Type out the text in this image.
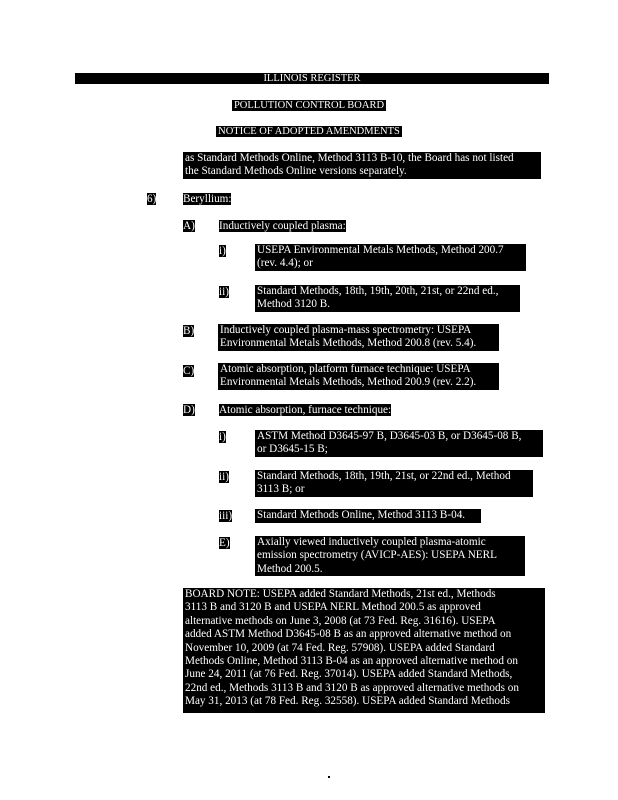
ILLINOIS REGISTER
POLLUTION CONTROL BOARD
NOTICE OF ADOPTED AMENDMENTS
as Standard Methods Online, Method 3113 B-10, the Board has not listed
the Standard Methods Online versions separately.
6) Beryllium:
A) Inductively coupled plasma:
i)	USEPA Environmental Metals Methods, Method 200.7
(rev. 4.4); or
ii)	Standard Methods, 18th, 19th, 20th, 21st, or 22nd ed.,
Method 3120 B.
B) Inductively coupled plasma-mass spectrometry: USEPA
Environmental Metals Methods, Method 200.8 (rev. 5.4).
C) Atomic absorption, platform furnace technique: USEPA
Environmental Metals Methods, Method 200.9 (rev. 2.2).
D) Atomic absorption, furnace technique:
i)	ASTM Method D3645-97 B, D3645-03 B, or D3645-08 B,
or D3645-15 B;
ii)	Standard Methods, 18th, 19th, 21st, or 22nd ed., Method
3113 B; or
iii) Standard Methods Online, Method 3113 B-04.
E) Axially viewed inductively coupled plasma-atomic
emission spectrometry (AVICP-AES): USEPA NERL
Method 200.5.
BOARD NOTE: USEPA added Standard Methods, 21st ed., Methods
3113 B and 3120 B and USEPA NERL Method 200.5 as approved
alternative methods on June 3, 2008 (at 73 Fed. Reg. 31616). USEPA
added ASTM Method D3645-08 B as an approved alternative method on
November 10, 2009 (at 74 Fed. Reg. 57908). USEPA added Standard
Methods Online, Method 3113 B-04 as an approved alternative method on
June 24, 2011 (at 76 Fed. Reg. 37014). USEPA added Standard Methods,
22nd ed., Methods 3113 B and 3120 B as approved alternative methods on
May 31, 2013 (at 78 Fed. Reg. 32558). USEPA added Standard Methods
